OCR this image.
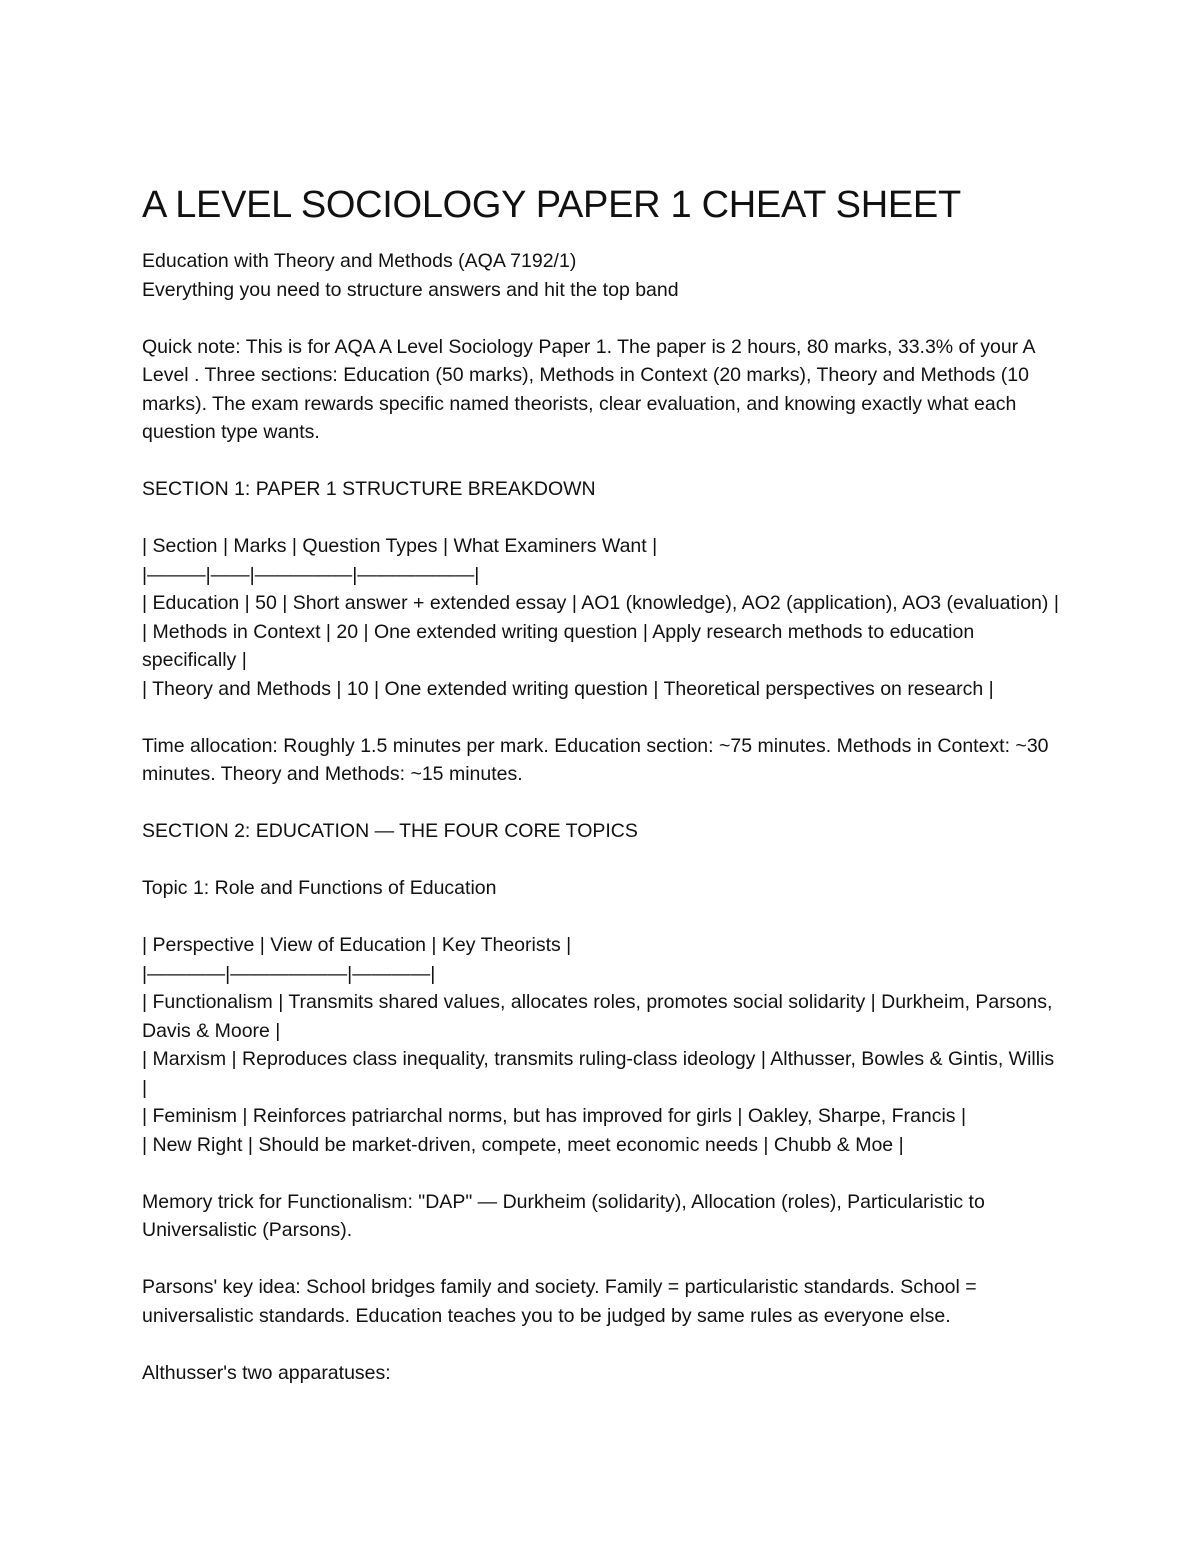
A LEVEL SOCIOLOGY PAPER 1 CHEAT SHEET

Education with Theory and Methods (AQA 7192/1)

Everything you need to structure answers and hit the top band

Quick note: This is for AQA A Level Sociology Paper 1. The paper is 2 hours, 80 marks, 33.3% of your A Level . Three sections: Education (50 marks), Methods in Context (20 marks), Theory and Methods (10 marks). The exam rewards specific named theorists, clear evaluation, and knowing exactly what each question type wants.

SECTION 1: PAPER 1 STRUCTURE BREAKDOWN

| Section | Marks | Question Types | What Examiners Want |

|———|——|—————|——————|

| Education | 50 | Short answer + extended essay | AO1 (knowledge), AO2 (application), AO3 (evaluation) |

| Methods in Context | 20 | One extended writing question | Apply research methods to education specifically |

| Theory and Methods | 10 | One extended writing question | Theoretical perspectives on research |

Time allocation: Roughly 1.5 minutes per mark. Education section: ~75 minutes. Methods in Context: ~30 minutes. Theory and Methods: ~15 minutes.

SECTION 2: EDUCATION — THE FOUR CORE TOPICS

Topic 1: Role and Functions of Education

| Perspective | View of Education | Key Theorists |

|————|——————|————|

| Functionalism | Transmits shared values, allocates roles, promotes social solidarity | Durkheim, Parsons, Davis & Moore |

| Marxism | Reproduces class inequality, transmits ruling-class ideology | Althusser, Bowles & Gintis, Willis |

| Feminism | Reinforces patriarchal norms, but has improved for girls | Oakley, Sharpe, Francis |

| New Right | Should be market-driven, compete, meet economic needs | Chubb & Moe |

Memory trick for Functionalism: "DAP" — Durkheim (solidarity), Allocation (roles), Particularistic to Universalistic (Parsons).

Parsons' key idea: School bridges family and society. Family = particularistic standards. School = universalistic standards. Education teaches you to be judged by same rules as everyone else.

Althusser's two apparatuses:
